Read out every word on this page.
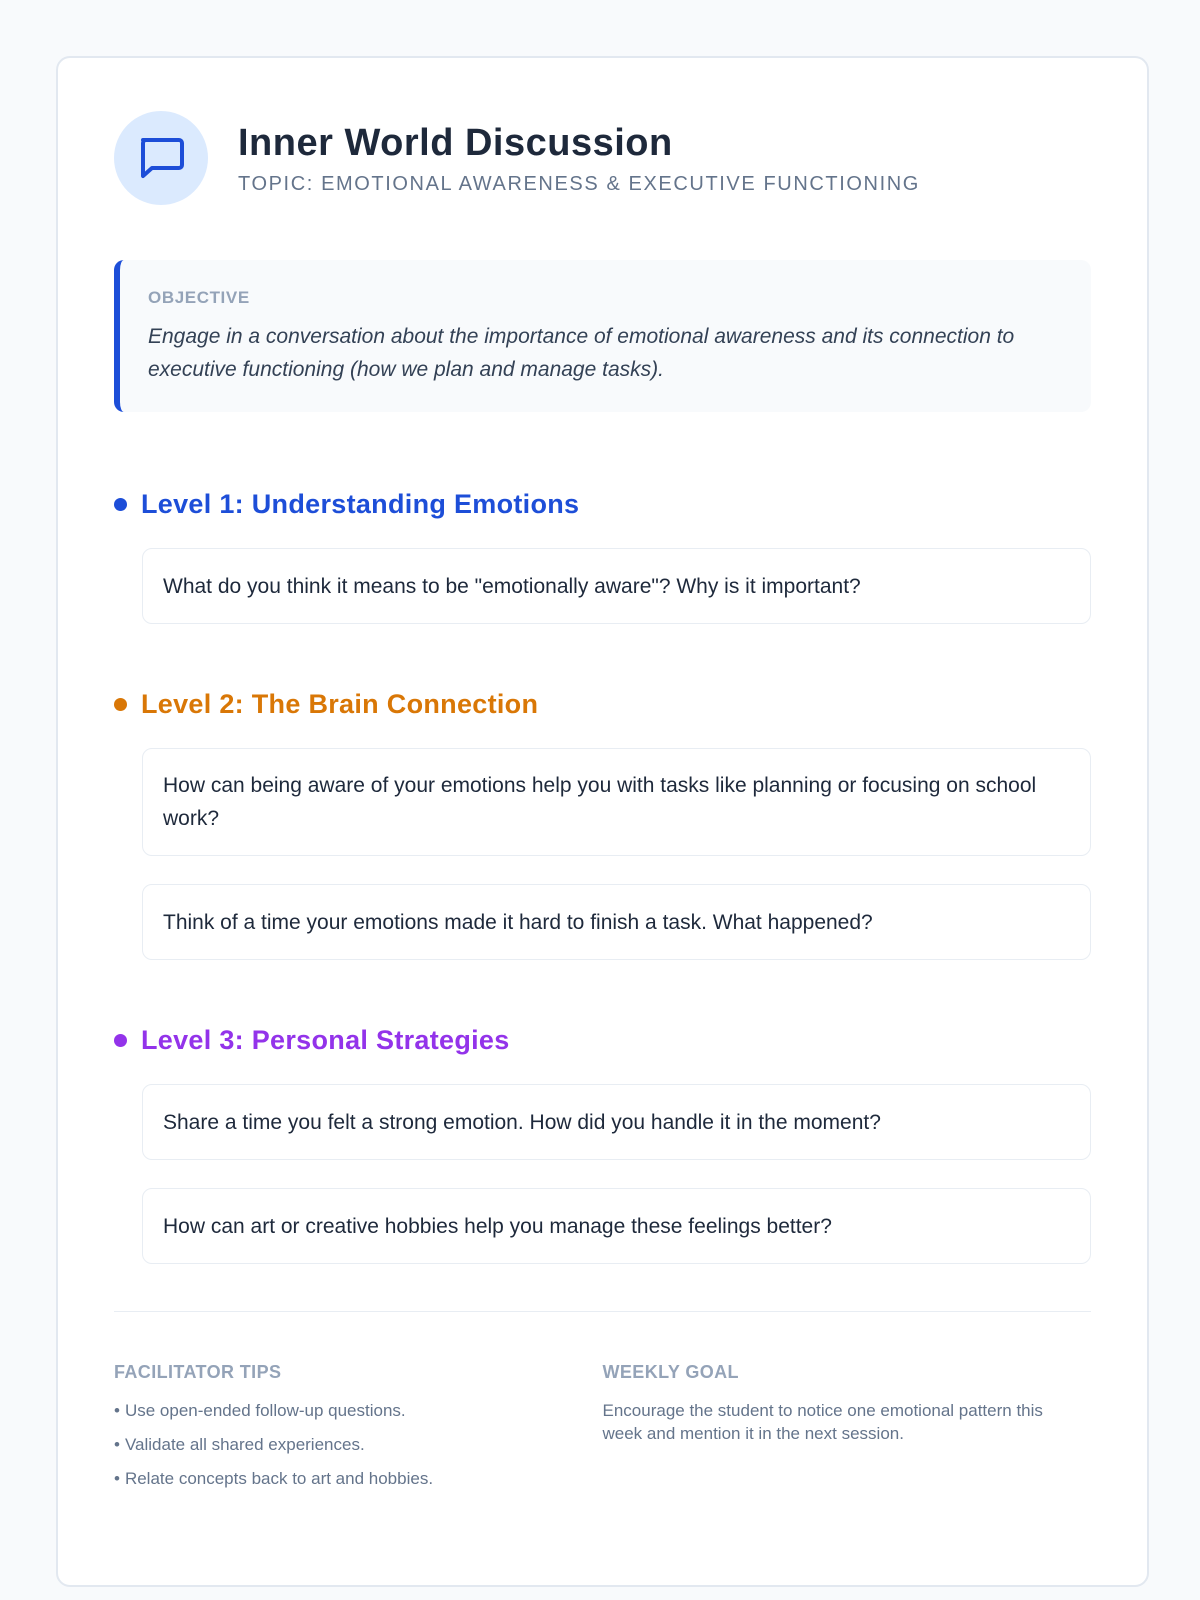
Inner World Discussion
TOPIC: EMOTIONAL AWARENESS & EXECUTIVE FUNCTIONING
OBJECTIVE
Engage in a conversation about the importance of emotional awareness and its connection to executive functioning (how we plan and manage tasks).
Level 1: Understanding Emotions
What do you think it means to be "emotionally aware"? Why is it important?
Level 2: The Brain Connection
How can being aware of your emotions help you with tasks like planning or focusing on school work?
Think of a time your emotions made it hard to finish a task. What happened?
Level 3: Personal Strategies
Share a time you felt a strong emotion. How did you handle it in the moment?
How can art or creative hobbies help you manage these feelings better?
FACILITATOR TIPS
• Use open-ended follow-up questions.
• Validate all shared experiences.
• Relate concepts back to art and hobbies.
WEEKLY GOAL
Encourage the student to notice one emotional pattern this week and mention it in the next session.
